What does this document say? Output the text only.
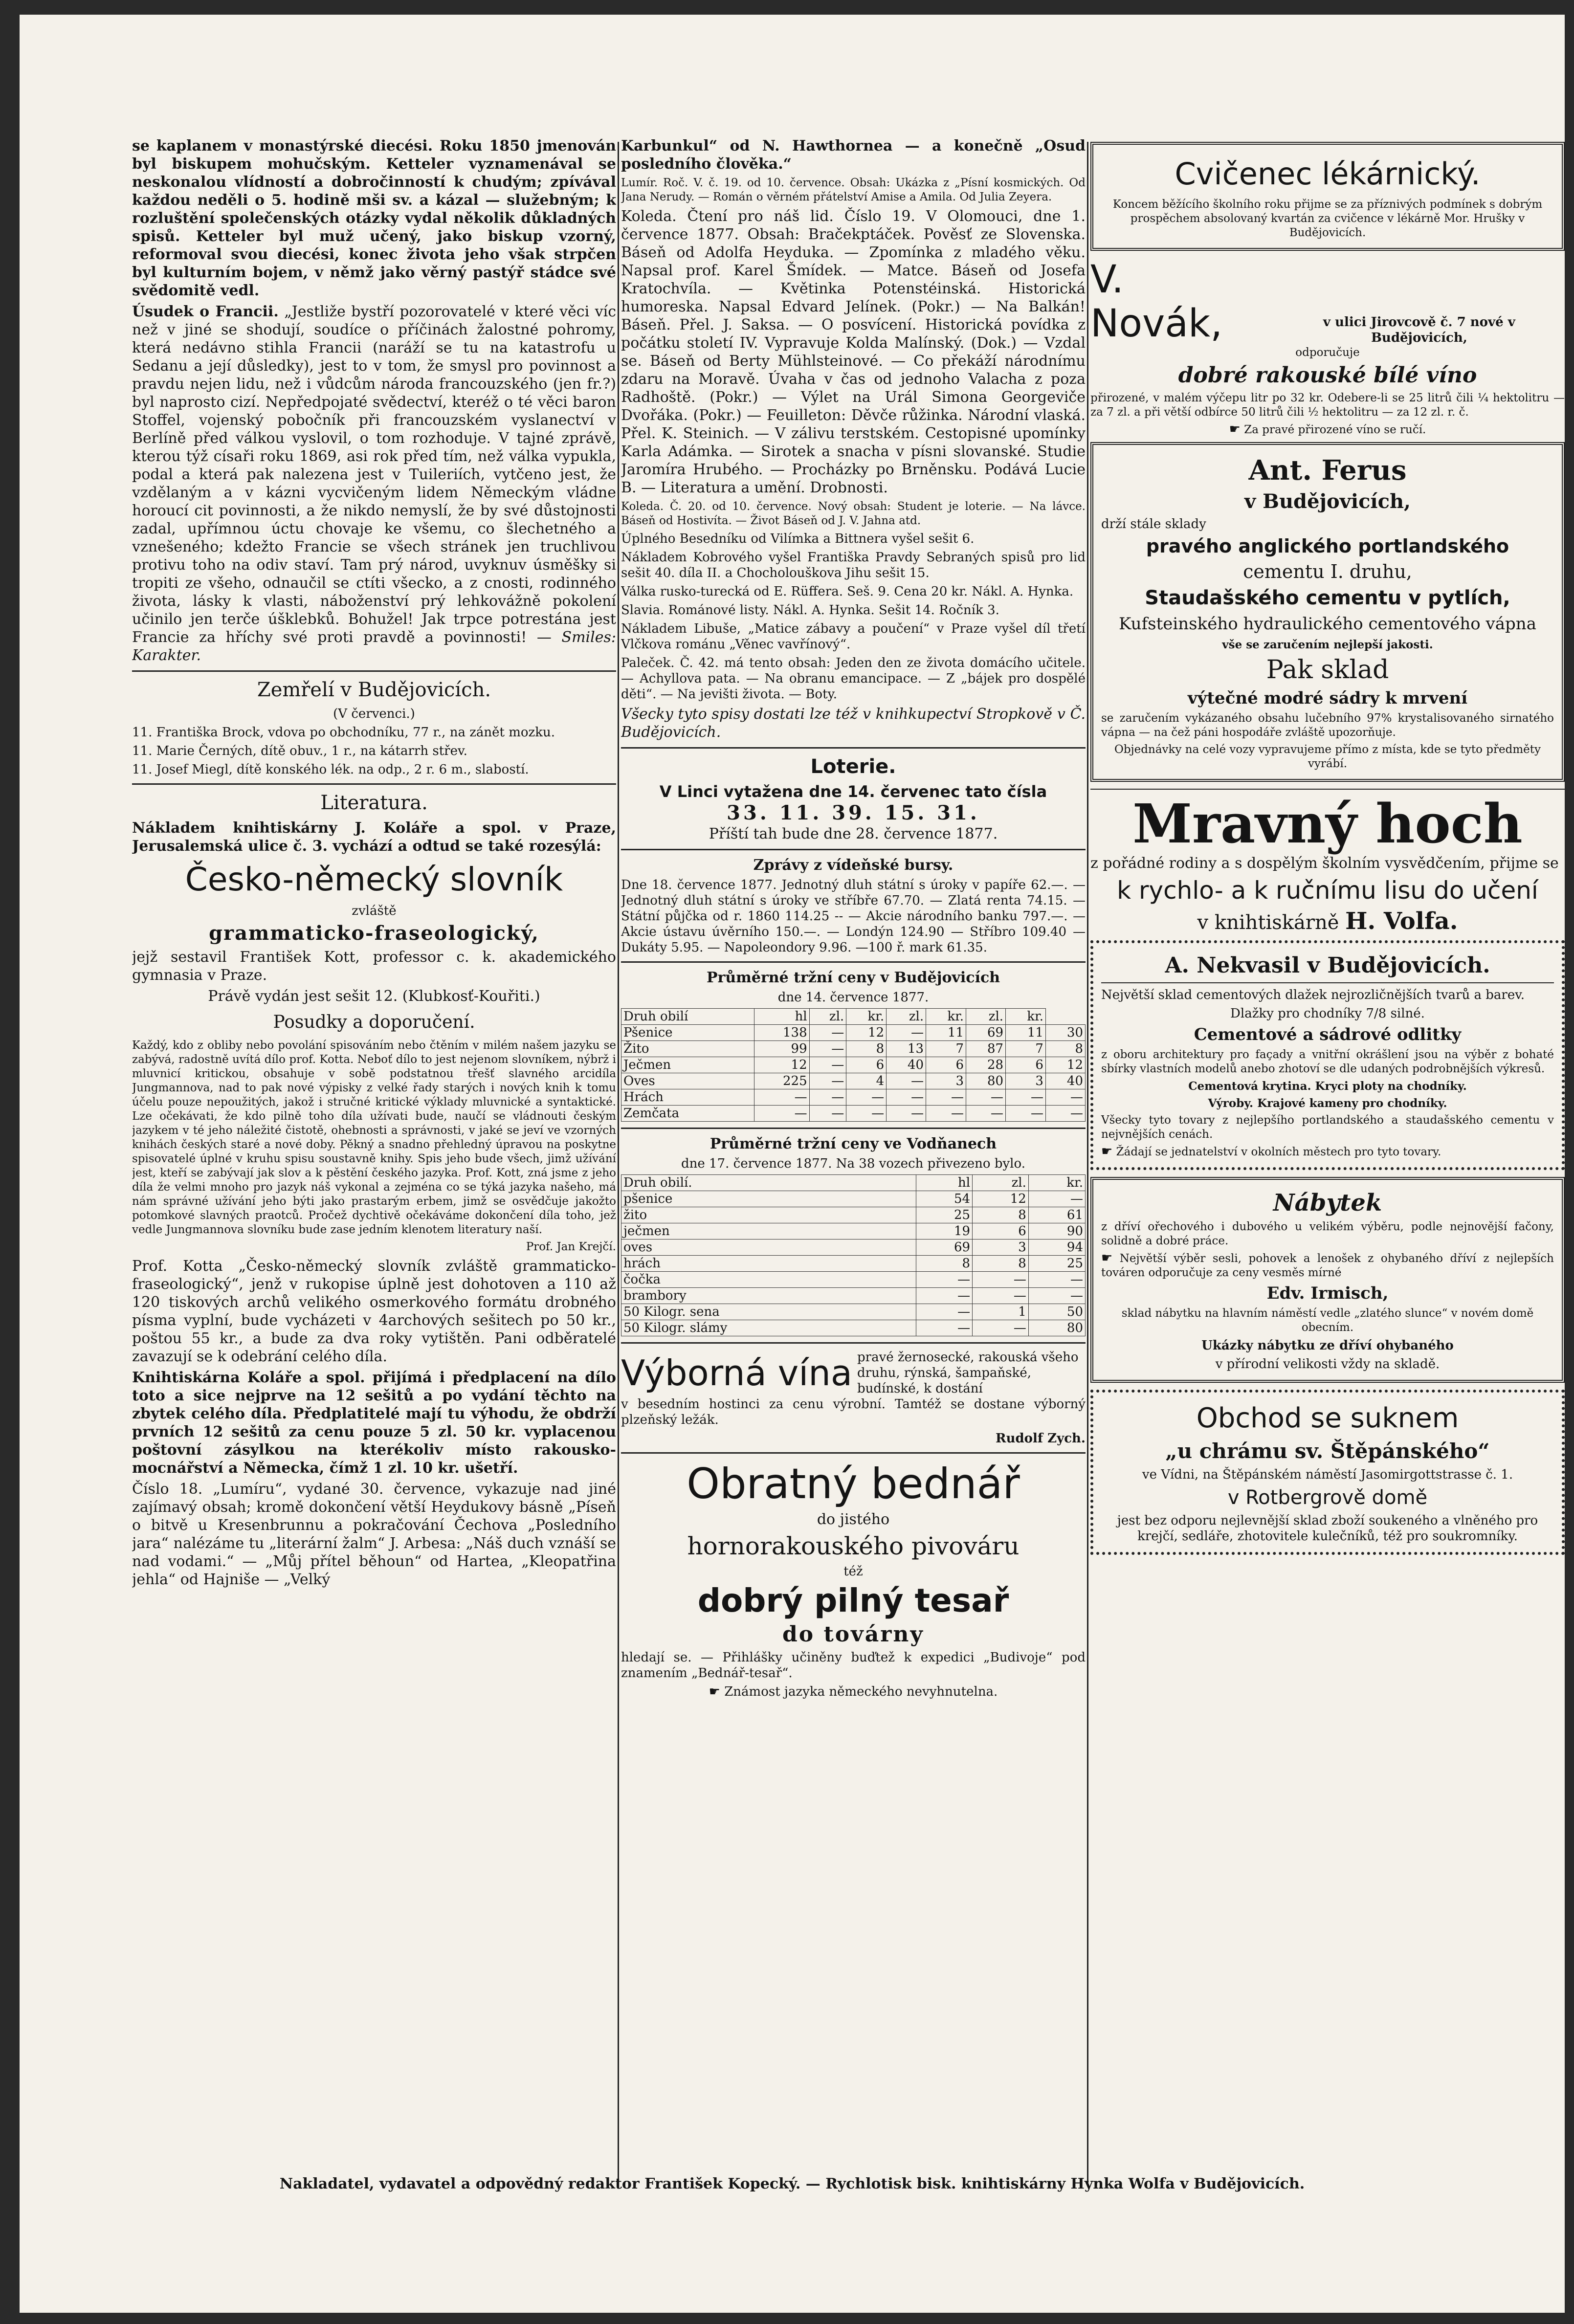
se kaplanem v monastýrské diecési. Roku 1850 jmenován byl biskupem mohučským. Ketteler vyznamenával se neskonalou vlídností a dobročinností k chudým; zpívával každou neděli o 5. hodině mši sv. a kázal — služebným; k rozluštění společenských otázky vydal několik důkladných spisů. Ketteler byl muž učený, jako biskup vzorný, reformoval svou diecési, konec života jeho však strpčen byl kulturním bojem, v němž jako věrný pastýř stádce své svědomitě vedl.

Úsudek o Francii. „Jestliže bystří pozorovatelé v které věci víc než v jiné se shodují, soudíce o příčinách žalostné pohromy, která nedávno stihla Francii (naráží se tu na katastrofu u Sedanu a její důsledky), jest to v tom, že smysl pro povinnost a pravdu nejen lidu, než i vůdcům národa francouzského (jen fr.?) byl naprosto cizí. Nepředpojaté svědectví, kteréž o té věci baron Stoffel, vojenský pobočník při francouzském vyslanectví v Berlíně před válkou vyslovil, o tom rozhoduje. V tajné zprávě, kterou týž císaři roku 1869, asi rok před tím, než válka vypukla, podal a která pak nalezena jest v Tuileriích, vytčeno jest, že vzdělaným a v kázni vycvičeným lidem Německým vládne horoucí cit povinnosti, a že nikdo nemyslí, že by své důstojnosti zadal, upřímnou úctu chovaje ke všemu, co šlechetného a vznešeného; kdežto Francie se všech stránek jen truchlivou protivu toho na odiv staví. Tam prý národ, uvyknuv úsměšky si tropiti ze všeho, odnaučil se ctíti všecko, a z cnosti, rodinného života, lásky k vlasti, náboženství prý lehkovážně pokolení učinilo jen terče úšklebků. Bohužel! Jak trpce potrestána jest Francie za hříchy své proti pravdě a povinnosti! — Smiles: Karakter.

Zemřelí v Budějovicích.

(V červenci.)

11. Františka Brock, vdova po obchodníku, 77 r., na zánět mozku.

11. Marie Černých, dítě obuv., 1 r., na kátarrh střev.

11. Josef Miegl, dítě konského lék. na odp., 2 r. 6 m., slabostí.

Literatura.

Nákladem knihtiskárny J. Koláře a spol. v Praze, Jerusalemská ulice č. 3. vychází a odtud se také rozesýlá:

Česko-německý slovník

zvláště

grammaticko-fraseologický,

jejž sestavil František Kott, professor c. k. akademického gymnasia v Praze.

Právě vydán jest sešit 12. (Klubkosť-Kouřiti.)

Posudky a doporučení.

Každý, kdo z obliby nebo povolání spisováním nebo čtěním v milém našem jazyku se zabývá, radostně uvítá dílo prof. Kotta. Neboť dílo to jest nejenom slovníkem, nýbrž i mluvnicí kritickou, obsahuje v sobě podstatnou třešť slavného arcidíla Jungmannova, nad to pak nové výpisky z velké řady starých i nových knih k tomu účelu pouze nepoužitých, jakož i stručné kritické výklady mluvnické a syntaktické. Lze očekávati, že kdo pilně toho díla užívati bude, naučí se vládnouti českým jazykem v té jeho náležité čistotě, ohebnosti a správnosti, v jaké se jeví ve vzorných knihách českých staré a nové doby. Pěkný a snadno přehledný úpravou na poskytne spisovatelé úplné v kruhu spisu soustavně knihy. Spis jeho bude všech, jimž užívání jest, kteří se zabývají jak slov a k pěstění českého jazyka. Prof. Kott, zná jsme z jeho díla že velmi mnoho pro jazyk náš vykonal a zejména co se týká jazyka našeho, má nám správné užívání jeho býti jako prastarým erbem, jimž se osvědčuje jakožto potomkové slavných praotců. Pročež dychtivě očekáváme dokončení díla toho, jež vedle Jungmannova slovníku bude zase jedním klenotem literatury naší.

Prof. Jan Krejčí.

Prof. Kotta „Česko-německý slovník zvláště grammaticko-fraseologický“, jenž v rukopise úplně jest dohotoven a 110 až 120 tiskových archů velikého osmerkového formátu drobného písma vyplní, bude vycházeti v 4archových sešitech po 50 kr., poštou 55 kr., a bude za dva roky vytištěn. Pani odběratelé zavazují se k odebrání celého díla.

Knihtiskárna Koláře a spol. přijímá i předplacení na dílo toto a sice nejprve na 12 sešitů a po vydání těchto na zbytek celého díla. Předplatitelé mají tu výhodu, že obdrží prvních 12 sešitů za cenu pouze 5 zl. 50 kr. vyplacenou poštovní zásylkou na kterékoliv místo rakousko-mocnářství a Německa, čímž 1 zl. 10 kr. ušetří.

Číslo 18. „Lumíru“, vydané 30. července, vykazuje nad jiné zajímavý obsah; kromě dokončení větší Heydukovy básně „Píseň o bitvě u Kresenbrunnu a pokračování Čechova „Posledního jara“ nalézáme tu „literární žalm“ J. Arbesa: „Náš duch vznáší se nad vodami.“ — „Můj přítel běhoun“ od Hartea, „Kleopatřina jehla“ od Hajniše — „Velký

Karbunkul“ od N. Hawthornea — a konečně „Osud posledního člověka.“

Lumír. Roč. V. č. 19. od 10. července. Obsah: Ukázka z „Písní kosmických. Od Jana Nerudy. — Román o věrném přátelství Amise a Amila. Od Julia Zeyera.

Koleda. Čtení pro náš lid. Číslo 19. V Olomouci, dne 1. července 1877. Obsah: Bračekptáček. Pověsť ze Slovenska. Báseň od Adolfa Heyduka. — Zpomínka z mladého věku. Napsal prof. Karel Šmídek. — Matce. Báseň od Josefa Kratochvíla. — Květinka Potenstéinská. Historická humoreska. Napsal Edvard Jelínek. (Pokr.) — Na Balkán! Báseň. Přel. J. Saksa. — O posvícení. Historická povídka z počátku století IV. Vypravuje Kolda Malínský. (Dok.) — Vzdal se. Báseň od Berty Mühlsteinové. — Co překáží národnímu zdaru na Moravě. Úvaha v čas od jednoho Valacha z poza Radhoště. (Pokr.) — Výlet na Urál Simona Georgeviče Dvořáka. (Pokr.) — Feuilleton: Děvče růžinka. Národní vlaská. Přel. K. Steinich. — V zálivu terstském. Cestopisné upomínky Karla Adámka. — Sirotek a snacha v písni slovanské. Studie Jaromíra Hrubého. — Procházky po Brněnsku. Podává Lucie B. — Literatura a umění. Drobnosti.

Koleda. Č. 20. od 10. července. Nový obsah: Student je loterie. — Na lávce. Báseň od Hostivíta. — Život Báseň od J. V. Jahna atd.

Úplného Besedníku od Vilímka a Bittnera vyšel sešit 6.

Nákladem Kobrového vyšel Františka Pravdy Sebraných spisů pro lid sešit 40. díla II. a Chocholouškova Jihu sešit 15.

Válka rusko-turecká od E. Rüffera. Seš. 9. Cena 20 kr. Nákl. A. Hynka.

Slavia. Románové listy. Nákl. A. Hynka. Sešit 14. Ročník 3.

Nákladem Libuše, „Matice zábavy a poučení“ v Praze vyšel díl třetí Vlčkova románu „Věnec vavřínový“.

Paleček. Č. 42. má tento obsah: Jeden den ze života domácího učitele. — Achyllova pata. — Na obranu emancipace. — Z „bájek pro dospělé děti“. — Na jevišti života. — Boty.

Všecky tyto spisy dostati lze též v knihkupectví Stropkově v Č. Budějovicích.

Loterie.

V Linci vytažena dne 14. červenec tato čísla

33. 11. 39. 15. 31.

Příští tah bude dne 28. července 1877.

Zprávy z vídeňské bursy.

Dne 18. července 1877. Jednotný dluh státní s úroky v papíře 62.—. — Jednotný dluh státní s úroky ve stříbře 67.70. — Zlatá renta 74.15. — Státní půjčka od r. 1860 114.25 -- — Akcie národního banku 797.—. — Akcie ústavu úvěrního 150.—. — Londýn 124.90 — Stříbro 109.40 — Dukáty 5.95. — Napoleondory 9.96. —100 ř. mark 61.35.

Průměrné tržní ceny v Budějovicích

dne 14. července 1877.

Druh obilí	hl	zl.	kr.	zl.	kr.	zl.	kr.	
Pšenice	138	—	12	—	11	69	11	30
Žito	99	—	8	13	7	87	7	8
Ječmen	12	—	6	40	6	28	6	12
Oves	225	—	4	—	3	80	3	40
Hrách	—	—	—	—	—	—	—	—
Zemčata	—	—	—	—	—	—	—	—

Průměrné tržní ceny ve Vodňanech

dne 17. července 1877. Na 38 vozech přivezeno bylo.

Druh obilí.	hl	zl.	kr.
pšenice	54	12	—
žito	25	8	61
ječmen	19	6	90
oves	69	3	94
hrách	8	8	25
čočka	—	—	—
brambory	—	—	—
50 Kilogr. sena	—	1	50
50 Kilogr. slámy	—	—	80
Výborná vína pravé žernosecké, rakouská všeho druhu, rýnská, šampaňské, budínské, k dostání

v besedním hostinci za cenu výrobní. Tamtéž se dostane výborný plzeňský ležák.

Rudolf Zych.

Obratný bednář

do jistého

hornorakouského pivováru

též

dobrý pilný tesař

do továrny

hledají se. — Přihlášky učiněny buďtež k expedici „Budivoje“ pod znamením „Bednář-tesař“.

☛ Známost jazyka německého nevyhnutelna.

Cvičenec lékárnický.

Koncem běžícího školního roku přijme se za příznivých podmínek s dobrým prospěchem absolovaný kvartán za cvičence v lékárně Mor. Hrušky v Budějovicích.

V. Novák,	v ulici Jirovcově č. 7 nové v Budějovicích,

odporučuje

dobré rakouské bílé víno

přirozené, v malém výčepu litr po 32 kr. Odebere-li se 25 litrů čili ¼ hektolitru — za 7 zl. a při větší odbírce 50 litrů čili ½ hektolitru — za 12 zl. r. č.

☛ Za pravé přirozené víno se ručí.

Ant. Ferus

v Budějovicích,

drží stále sklady

pravého anglického portlandského

cementu I. druhu,

Staudašského cementu v pytlích,

Kufsteinského hydraulického cementového vápna

vše se zaručením nejlepší jakosti.

Pak sklad

výtečné modré sádry k mrvení

se zaručením vykázaného obsahu lučebního 97% krystalisovaného sirnatého vápna — na čež páni hospodáře zvláště upozorňuje.

Objednávky na celé vozy vypravujeme přímo z místa, kde se tyto předměty vyrábí.

Mravný hoch

z pořádné rodiny a s dospělým školním vysvědčením, přijme se

k rychlo- a k ručnímu lisu do učení

v knihtiskárně H. Volfa.

A. Nekvasil v Budějovicích.

Největší sklad cementových dlažek nejrozličnějších tvarů a barev.

Dlažky pro chodníky 7/8 silné.

Cementové a sádrové odlitky

z oboru architektury pro façady a vnitřní okrášlení jsou na výběr z bohaté sbírky vlastních modelů anebo zhotoví se dle udaných podrobnějších výkresů.

Cementová krytina. Kryci ploty na chodníky.

Výroby. Krajové kameny pro chodníky.

Všecky tyto tovary z nejlepšího portlandského a staudašského cementu v nejvnějších cenách.

☛ Žádají se jednatelství v okolních městech pro tyto tovary.

Nábytek

z dříví ořechového i dubového u velikém výběru, podle nejnovější fačony, solidně a dobré práce.

☛ Největší výběr sesli, pohovek a lenošek z ohybaného dříví z nejlepších továren odporučuje za ceny vesměs mírné

Edv. Irmisch,

sklad nábytku na hlavním náměstí vedle „zlatého slunce“ v novém domě obecním.

Ukázky nábytku ze dříví ohybaného

v přírodní velikosti vždy na skladě.

Obchod se suknem

„u chrámu sv. Štěpánského“

ve Vídni, na Štěpánském náměstí Jasomirgottstrasse č. 1.

v Rotbergrově domě

jest bez odporu nejlevnější sklad zboží soukeného a vlněného pro krejčí, sedláře, zhotovitele kulečníků, též pro soukromníky.

Nakladatel, vydavatel a odpovědný redaktor František Kopecký. — Rychlotisk bisk. knihtiskárny Hynka Wolfa v Budějovicích.
